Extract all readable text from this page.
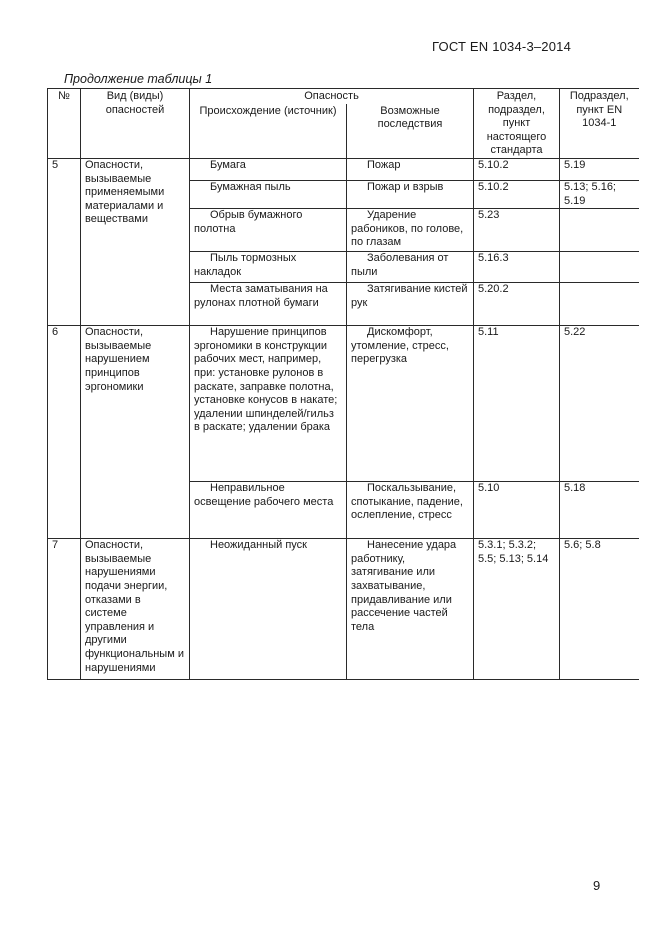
ГОСТ EN 1034-3–2014
Продолжение таблицы 1
№	Вид (виды) опасностей	Опасность		Раздел, подраздел, пункт настоящего стандарта	Подраздел, пункт EN 1034-1
		Происхождение (источник)	Возможные последствия		
5	Опасности, вызываемые применяемыми материалами и веществами	Бумага	Пожар	5.10.2	5.19
		Бумажная пыль	Пожар и взрыв	5.10.2	5.13; 5.16; 5.19
		Обрыв бумажного полотна	Ударение рабоников, по голове, по глазам	5.23	
		Пыль тормозных накладок	Заболевания от пыли	5.16.3	
		Места заматывания на рулонах плотной бумаги	Затягивание кистей рук	5.20.2	
6	Опасности, вызываемые нарушением принципов эргономики	Нарушение принципов эргономики в конструкции рабочих мест, например, при: установке рулонов в раскате, заправке полотна, установке конусов в накате; удалении шпинделей/гильз в раскате; удалении брака	Дискомфорт, утомление, стресс, перегрузка	5.11	5.22
		Неправильное освещение рабочего места	Поскальзывание, спотыкание, падение, ослепление, стресс	5.10	5.18
7	Опасности, вызываемые нарушениями подачи энергии, отказами в системе управления и другими функциональным и нарушениями	Неожиданный пуск	Нанесение удара работнику, затягивание или захватывание, придавливание или рассечение частей тела	5.3.1; 5.3.2; 5.5; 5.13; 5.14	5.6; 5.8
9
